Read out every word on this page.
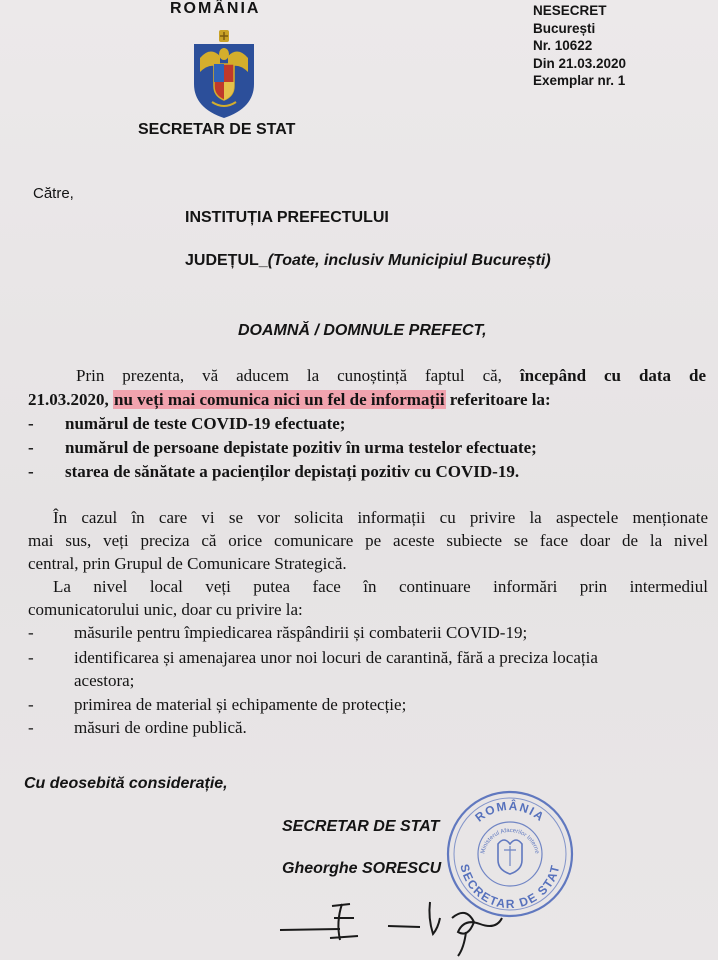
ROMÂNIA
SECRETAR DE STAT
NESECRET
București
Nr. 10622
Din 21.03.2020
Exemplar nr. 1
Către,
INSTITUȚIA PREFECTULUI
JUDEȚUL_(Toate, inclusiv Municipiul București)
DOAMNĂ / DOMNULE PREFECT,
Prin prezenta, vă aducem la cunoștință faptul că, începând cu data de
21.03.2020, nu veți mai comunica nici un fel de informații referitoare la:
- numărul de teste COVID-19 efectuate;
- numărul de persoane depistate pozitiv în urma testelor efectuate;
- starea de sănătate a pacienților depistați pozitiv cu COVID-19.
În cazul în care vi se vor solicita informații cu privire la aspectele menționate
mai sus, veți preciza că orice comunicare pe aceste subiecte se face doar de la nivel
central, prin Grupul de Comunicare Strategică.
La nivel local veți putea face în continuare informări prin intermediul
comunicatorului unic, doar cu privire la:
- măsurile pentru împiedicarea răspândirii și combaterii COVID-19;
- identificarea și amenajarea unor noi locuri de carantină, fără a preciza locația
acestora;
- primirea de material și echipamente de protecție;
- măsuri de ordine publică.
Cu deosebită considerație,
SECRETAR DE STAT
Gheorghe SORESCU
ROMÂNIA
SECRETAR DE STAT
Ministerul Afacerilor Interne
